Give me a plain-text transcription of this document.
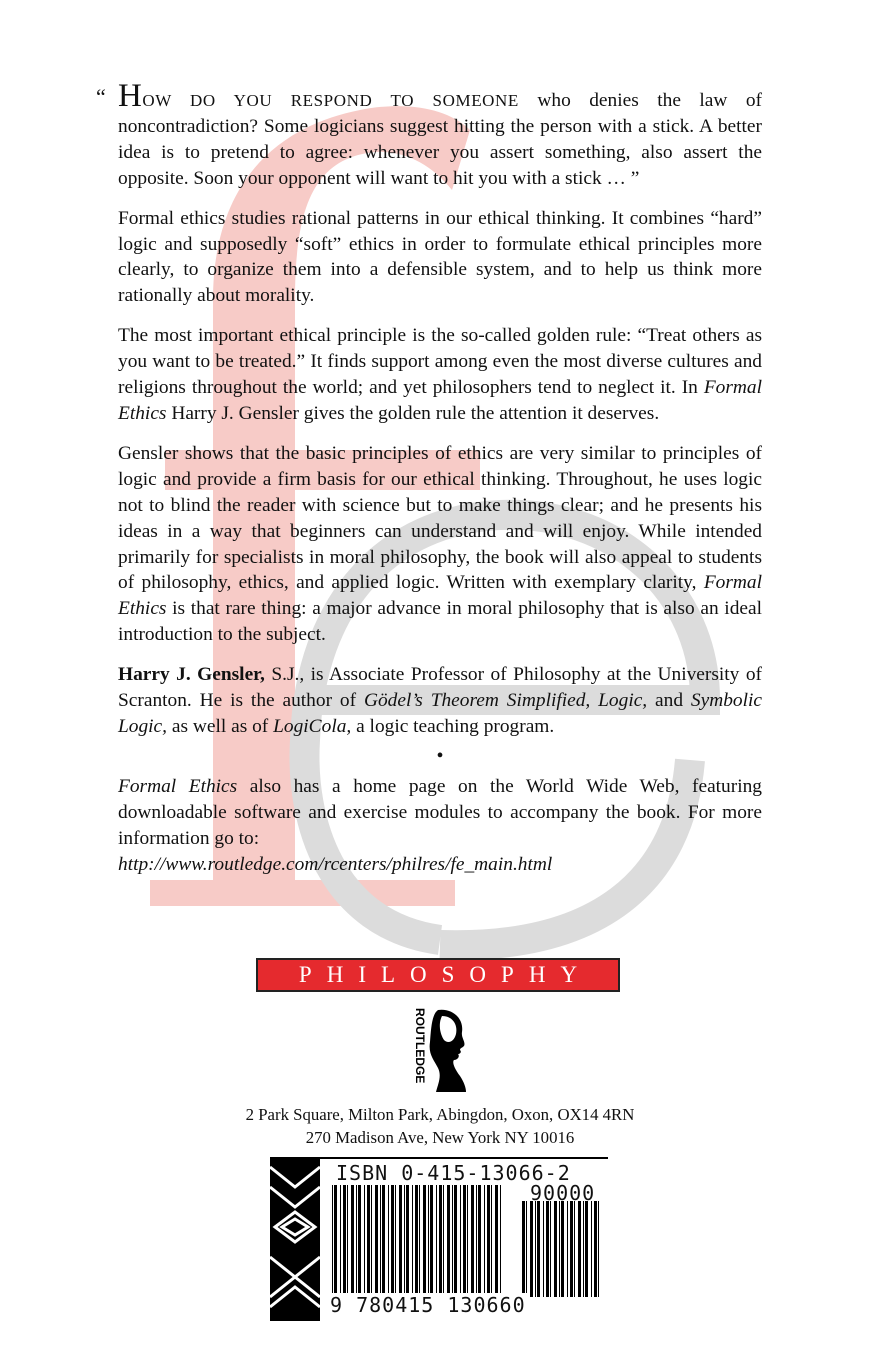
“ HOW DO YOU RESPOND TO SOMEONE who denies the law of noncontradiction? Some logicians suggest hitting the person with a stick. A better idea is to pretend to agree: whenever you assert something, also assert the opposite. Soon your opponent will want to hit you with a stick … ”

Formal ethics studies rational patterns in our ethical thinking. It combines “hard” logic and supposedly “soft” ethics in order to formulate ethical principles more clearly, to organize them into a defensible system, and to help us think more rationally about morality.

The most important ethical principle is the so-called golden rule: “Treat others as you want to be treated.” It finds support among even the most diverse cultures and religions throughout the world; and yet philosophers tend to neglect it. In Formal Ethics Harry J. Gensler gives the golden rule the attention it deserves.

Gensler shows that the basic principles of ethics are very similar to principles of logic and provide a firm basis for our ethical thinking. Throughout, he uses logic not to blind the reader with science but to make things clear; and he presents his ideas in a way that beginners can understand and will enjoy. While intended primarily for specialists in moral philosophy, the book will also appeal to students of philosophy, ethics, and applied logic. Written with exemplary clarity, Formal Ethics is that rare thing: a major advance in moral philosophy that is also an ideal introduction to the subject.

Harry J. Gensler, S.J., is Associate Professor of Philosophy at the University of Scranton. He is the author of Gödel’s Theorem Simplified, Logic, and Symbolic Logic, as well as of LogiCola, a logic teaching program.

•

Formal Ethics also has a home page on the World Wide Web, featuring downloadable software and exercise modules to accompany the book. For more information go to:
http://www.routledge.com/rcenters/philres/fe_main.html

PHILOSOPHY
ROUTLEDGE
2 Park Square, Milton Park, Abingdon, Oxon, OX14 4RN
270 Madison Ave, New York NY 10016
ISBN 0-415-13066-2
90000
9 780415 130660
